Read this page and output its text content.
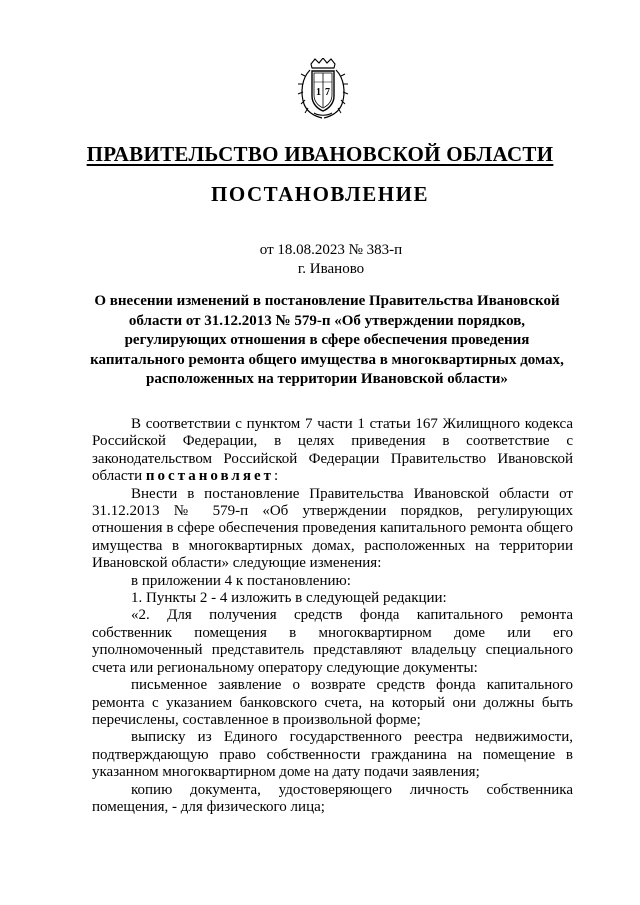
1 7
ПРАВИТЕЛЬСТВО ИВАНОВСКОЙ ОБЛАСТИ
ПОСТАНОВЛЕНИЕ
от 18.08.2023 № 383-п
г. Иваново
О внесении изменений в постановление Правительства Ивановской области от 31.12.2013 № 579-п «Об утверждении порядков, регулирующих отношения в сфере обеспечения проведения капитального ремонта общего имущества в многоквартирных домах, расположенных на территории Ивановской области»

В соответствии с пунктом 7 части 1 статьи 167 Жилищного кодекса Российской Федерации, в целях приведения в соответствие с законодательством Российской Федерации Правительство Ивановской области постановляет:

Внести в постановление Правительства Ивановской области от 31.12.2013 № 579-п «Об утверждении порядков, регулирующих отношения в сфере обеспечения проведения капитального ремонта общего имущества в многоквартирных домах, расположенных на территории Ивановской области» следующие изменения:

в приложении 4 к постановлению:

1. Пункты 2 - 4 изложить в следующей редакции:

«2. Для получения средств фонда капитального ремонта собственник помещения в многоквартирном доме или его уполномоченный представитель представляют владельцу специального счета или региональному оператору следующие документы:

письменное заявление о возврате средств фонда капитального ремонта с указанием банковского счета, на который они должны быть перечислены, составленное в произвольной форме;

выписку из Единого государственного реестра недвижимости, подтверждающую право собственности гражданина на помещение в указанном многоквартирном доме на дату подачи заявления;

копию документа, удостоверяющего личность собственника помещения, - для физического лица;
